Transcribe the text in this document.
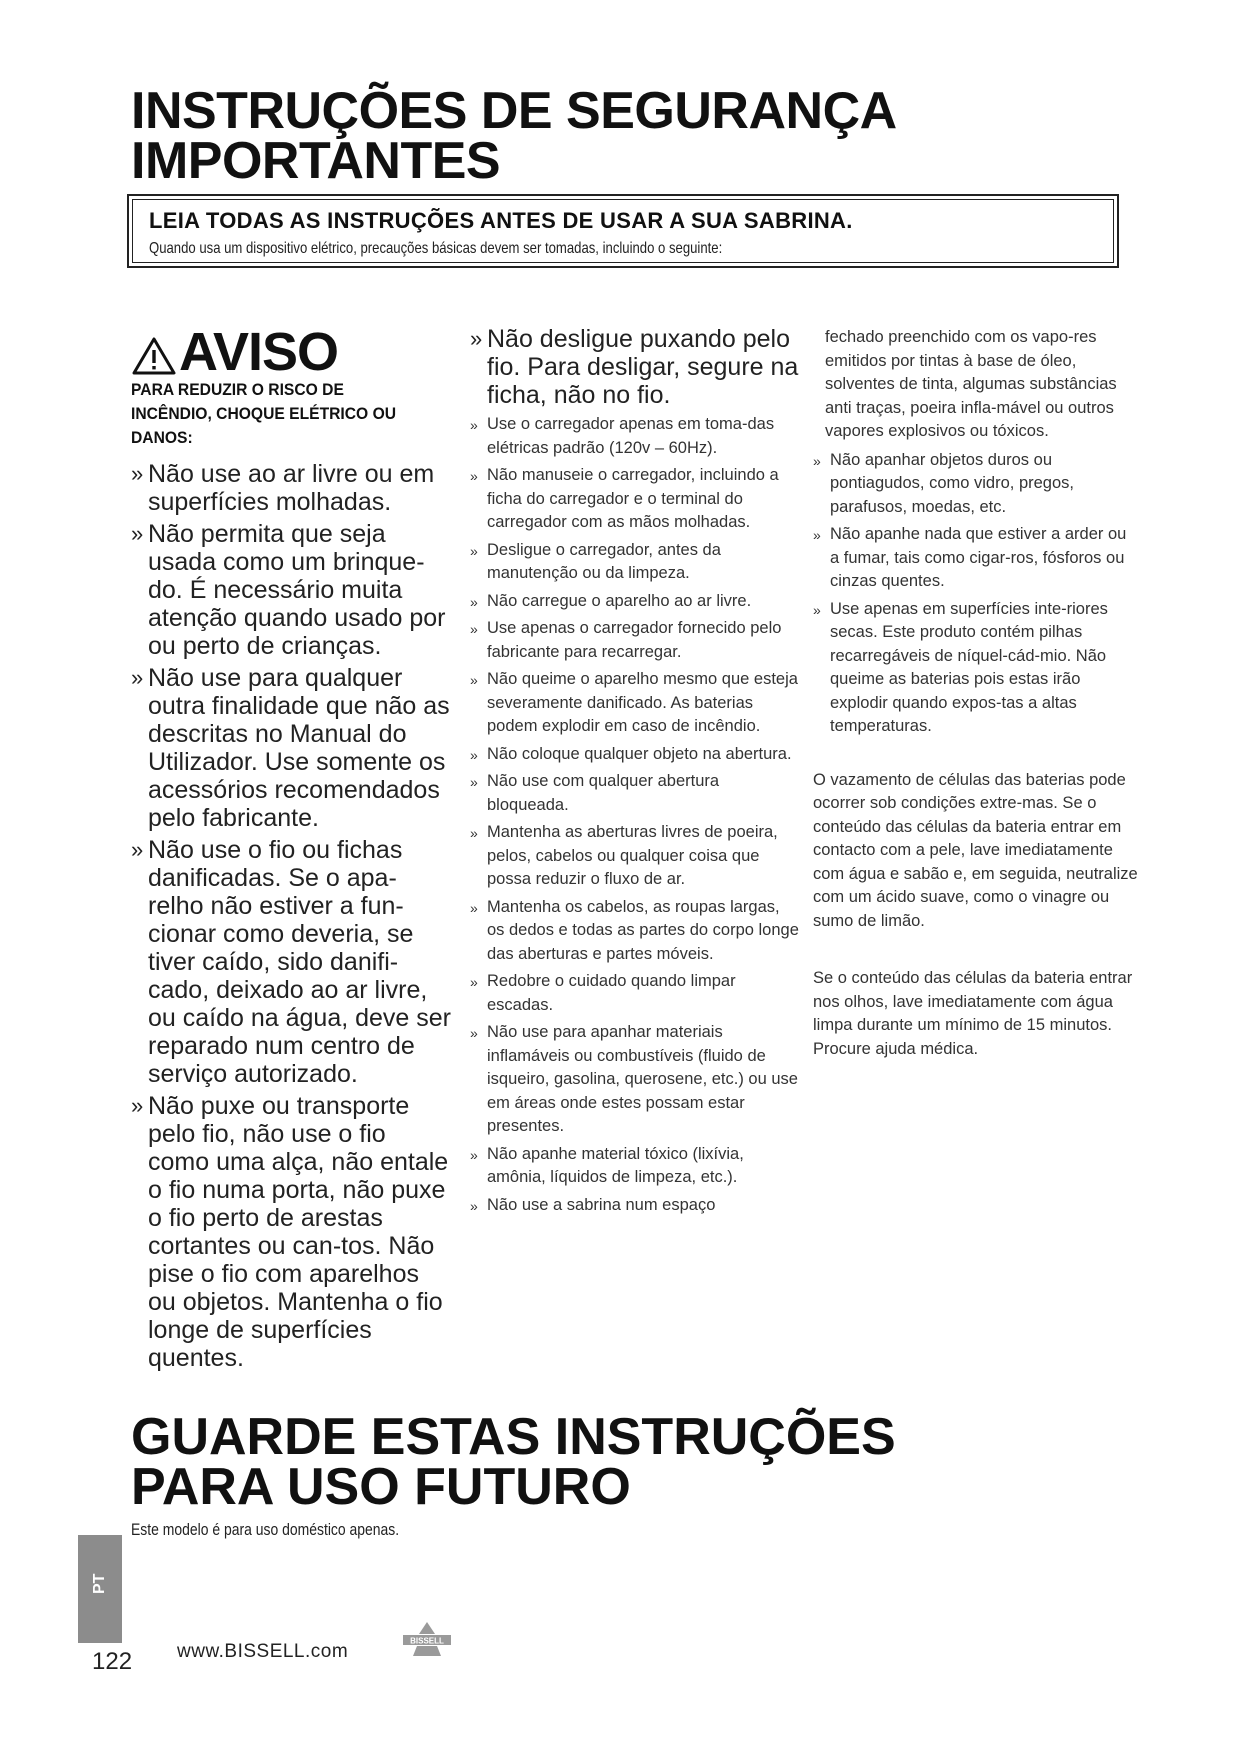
INSTRUÇÕES DE SEGURANÇA
IMPORTANTES
LEIA TODAS AS INSTRUÇÕES ANTES DE USAR A SUA SABRINA.
Quando usa um dispositivo elétrico, precauções básicas devem ser tomadas, incluindo o seguinte:
AVISO
PARA REDUZIR O RISCO DE INCÊNDIO, CHOQUE ELÉTRICO OU DANOS:
» Não use ao ar livre ou em superfícies molhadas.
» Não permita que seja usada como um brinque-do. É necessário muita atenção quando usado por ou perto de crianças.
» Não use para qualquer outra finalidade que não as descritas no Manual do Utilizador. Use somente os acessórios recomendados pelo fabricante.
» Não use o fio ou fichas danificadas. Se o apa-relho não estiver a fun-cionar como deveria, se tiver caído, sido danifi-cado, deixado ao ar livre, ou caído na água, deve ser reparado num centro de serviço autorizado.
» Não puxe ou transporte pelo fio, não use o fio como uma alça, não entale o fio numa porta, não puxe o fio perto de arestas cortantes ou can-tos. Não pise o fio com aparelhos ou objetos. Mantenha o fio longe de superfícies quentes.
» Não desligue puxando pelo fio. Para desligar, segure na ficha, não no fio.
» Use o carregador apenas em toma-das elétricas padrão (120v – 60Hz).
» Não manuseie o carregador, incluindo a ficha do carregador e o terminal do carregador com as mãos molhadas.
» Desligue o carregador, antes da manutenção ou da limpeza.
» Não carregue o aparelho ao ar livre.
» Use apenas o carregador fornecido pelo fabricante para recarregar.
» Não queime o aparelho mesmo que esteja severamente danificado. As baterias podem explodir em caso de incêndio.
» Não coloque qualquer objeto na abertura.
» Não use com qualquer abertura bloqueada.
» Mantenha as aberturas livres de poeira, pelos, cabelos ou qualquer coisa que possa reduzir o fluxo de ar.
» Mantenha os cabelos, as roupas largas, os dedos e todas as partes do corpo longe das aberturas e partes móveis.
» Redobre o cuidado quando limpar escadas.
» Não use para apanhar materiais inflamáveis ou combustíveis (fluido de isqueiro, gasolina, querosene, etc.) ou use em áreas onde estes possam estar presentes.
» Não apanhe material tóxico (lixívia, amônia, líquidos de limpeza, etc.).
» Não use a sabrina num espaço
fechado preenchido com os vapo-res emitidos por tintas à base de óleo, solventes de tinta, algumas substâncias anti traças, poeira infla-mável ou outros vapores explosivos ou tóxicos.
» Não apanhar objetos duros ou pontiagudos, como vidro, pregos, parafusos, moedas, etc.
» Não apanhe nada que estiver a arder ou a fumar, tais como cigar-ros, fósforos ou cinzas quentes.
» Use apenas em superfícies inte-riores secas. Este produto contém pilhas recarregáveis de níquel-cád-mio. Não queime as baterias pois estas irão explodir quando expos-tas a altas temperaturas.

O vazamento de células das baterias pode ocorrer sob condições extre-mas. Se o conteúdo das células da bateria entrar em contacto com a pele, lave imediatamente com água e sabão e, em seguida, neutralize com um ácido suave, como o vinagre ou sumo de limão.

Se o conteúdo das células da bateria entrar nos olhos, lave imediatamente com água limpa durante um mínimo de 15 minutos. Procure ajuda médica.

GUARDE ESTAS INSTRUÇÕES
PARA USO FUTURO
Este modelo é para uso doméstico apenas.
PT
122 www.BISSELL.com	BISSELL
